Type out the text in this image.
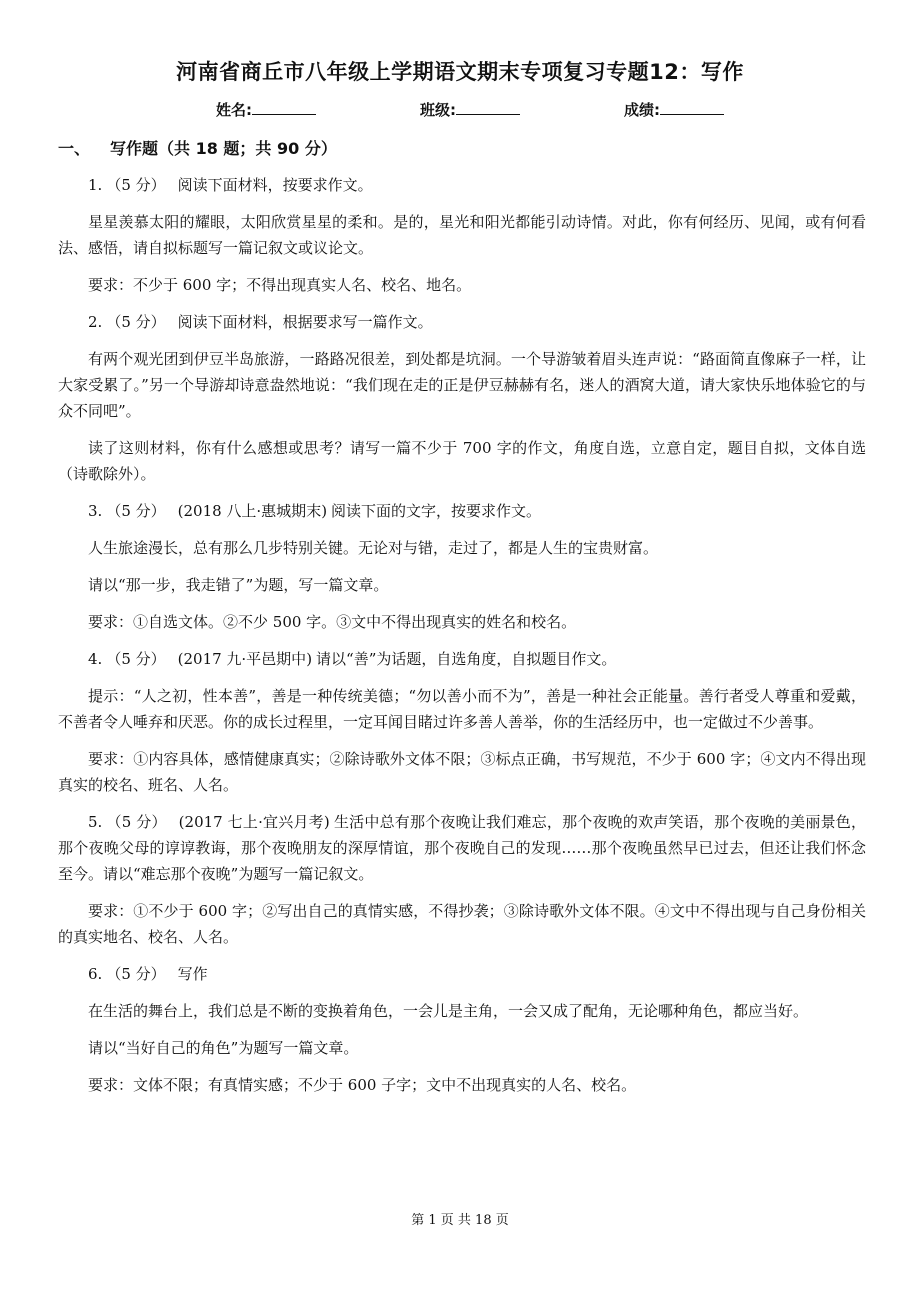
河南省商丘市八年级上学期语文期末专项复习专题12：写作
姓名:	班级:	成绩:
一、 写作题（共 18 题；共 90 分）

1. （5 分） 阅读下面材料，按要求作文。

星星羡慕太阳的耀眼，太阳欣赏星星的柔和。是的，星光和阳光都能引动诗情。对此，你有何经历、见闻，或有何看法、感悟，请自拟标题写一篇记叙文或议论文。

要求：不少于 600 字；不得出现真实人名、校名、地名。

2. （5 分） 阅读下面材料，根据要求写一篇作文。

有两个观光团到伊豆半岛旅游，一路路况很差，到处都是坑洞。一个导游皱着眉头连声说：“路面简直像麻子一样，让大家受累了。”另一个导游却诗意盎然地说：“我们现在走的正是伊豆赫赫有名，迷人的酒窝大道，请大家快乐地体验它的与众不同吧”。

读了这则材料，你有什么感想或思考？请写一篇不少于 700 字的作文，角度自选，立意自定，题目自拟，文体自选（诗歌除外）。

3. （5 分） (2018 八上·惠城期末) 阅读下面的文字，按要求作文。

人生旅途漫长，总有那么几步特别关键。无论对与错，走过了，都是人生的宝贵财富。

请以“那一步，我走错了”为题，写一篇文章。

要求：①自选文体。②不少 500 字。③文中不得出现真实的姓名和校名。

4. （5 分） (2017 九·平邑期中) 请以“善”为话题，自选角度，自拟题目作文。

提示：“人之初，性本善”，善是一种传统美德；“勿以善小而不为”，善是一种社会正能量。善行者受人尊重和爱戴，不善者令人唾弃和厌恶。你的成长过程里，一定耳闻目睹过许多善人善举，你的生活经历中，也一定做过不少善事。

要求：①内容具体，感情健康真实；②除诗歌外文体不限；③标点正确，书写规范，不少于 600 字；④文内不得出现真实的校名、班名、人名。

5. （5 分） (2017 七上·宜兴月考) 生活中总有那个夜晚让我们难忘，那个夜晚的欢声笑语，那个夜晚的美丽景色，那个夜晚父母的谆谆教诲，那个夜晚朋友的深厚情谊，那个夜晚自己的发现……那个夜晚虽然早已过去，但还让我们怀念至今。请以“难忘那个夜晚”为题写一篇记叙文。

要求：①不少于 600 字；②写出自己的真情实感，不得抄袭；③除诗歌外文体不限。④文中不得出现与自己身份相关的真实地名、校名、人名。

6. （5 分） 写作

在生活的舞台上，我们总是不断的变换着角色，一会儿是主角，一会又成了配角，无论哪种角色，都应当好。

请以“当好自己的角色”为题写一篇文章。

要求：文体不限；有真情实感；不少于 600 子字；文中不出现真实的人名、校名。

第 1 页 共 18 页
